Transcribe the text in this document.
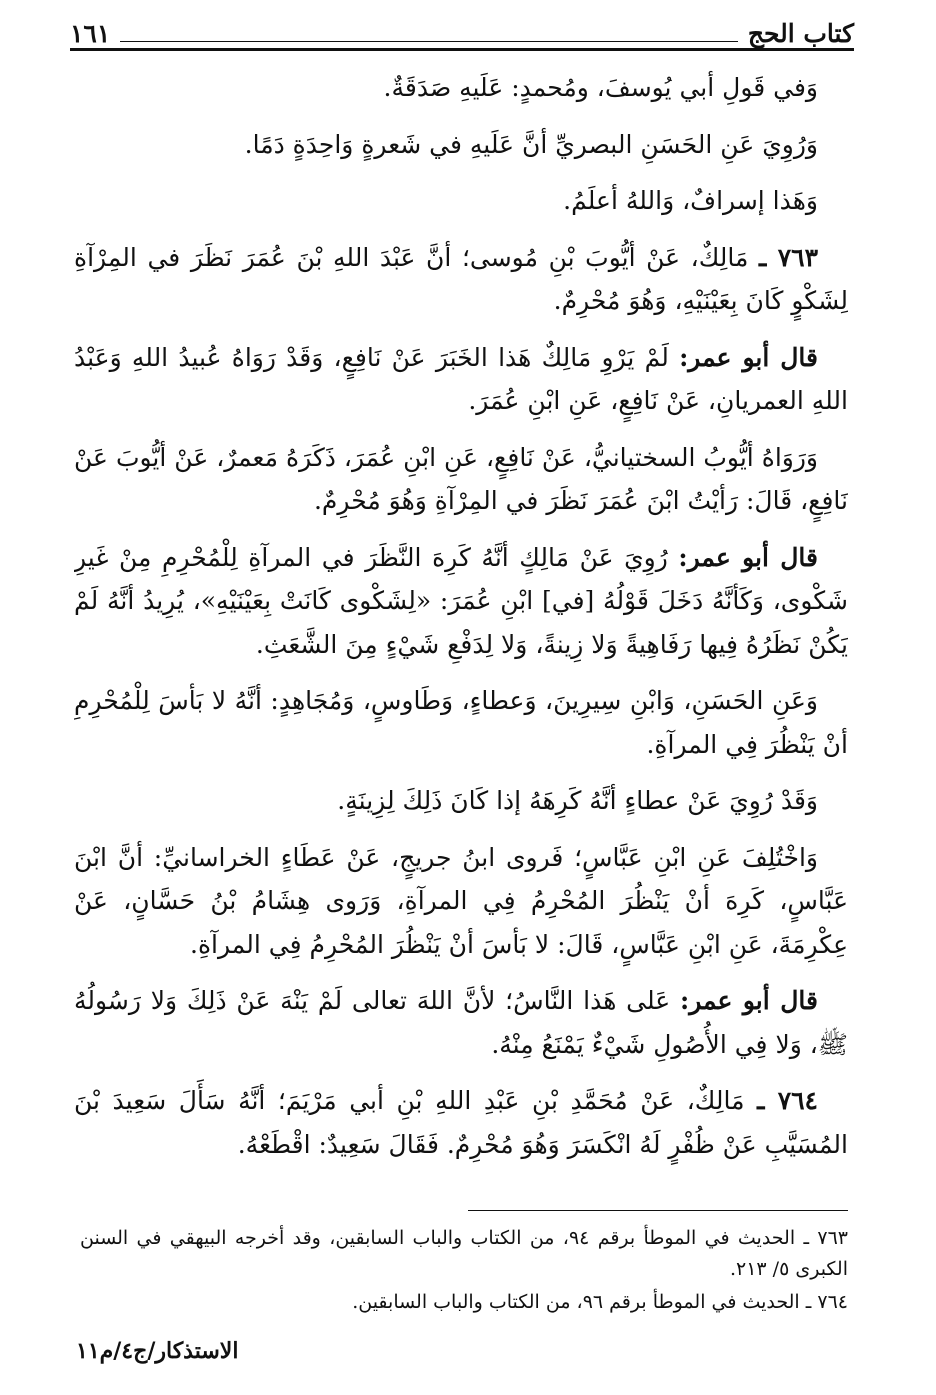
كتاب الحج
١٦١

وَفي قَولِ أبي يُوسفَ، ومُحمدٍ: عَلَيهِ صَدَقَةٌ.

وَرُوِيَ عَنِ الحَسَنِ البصريِّ أنَّ عَلَيهِ في شَعرةٍ وَاحِدَةٍ دَمًا.

وَهَذا إسرافٌ، وَاللهُ أعلَمُ.

٧٦٣ ـ مَالِكٌ، عَنْ أيُّوبَ بْنِ مُوسى؛ أنَّ عَبْدَ اللهِ بْنَ عُمَرَ نَظَرَ في المِرْآةِ لِشَكْوٍ كَانَ بِعَيْنَيْهِ، وَهُوَ مُحْرِمٌ.

قال أبو عمر: لَمْ يَرْوِ مَالِكٌ هَذا الخَبَرَ عَنْ نَافِعٍ، وَقَدْ رَوَاهُ عُبيدُ اللهِ وَعَبْدُ اللهِ العمريانِ، عَنْ نَافِعٍ، عَنِ ابْنِ عُمَرَ.

وَرَوَاهُ أيُّوبُ السختيانيُّ، عَنْ نَافِعٍ، عَنِ ابْنِ عُمَرَ، ذَكَرَهُ مَعمرٌ، عَنْ أيُّوبَ عَنْ نَافِعٍ، قَالَ: رَأيْتُ ابْنَ عُمَرَ نَظَرَ في المِرْآةِ وَهُوَ مُحْرِمٌ.

قال أبو عمر: رُوِيَ عَنْ مَالِكٍ أنَّهُ كَرِهَ النَّظَرَ في المرآةِ لِلْمُحْرِمِ مِنْ غَيرِ شَكْوى، وَكَأنَّهُ دَخَلَ قَوْلُهُ [في] ابْنِ عُمَرَ: «لِشَكْوى كَانَتْ بِعَيْنَيْهِ»، يُرِيدُ أنَّهُ لَمْ يَكُنْ نَظَرُهُ فِيها رَفَاهِيةً وَلا زِينةً، وَلا لِدَفْعِ شَيْءٍ مِنَ الشَّعَثِ.

وَعَنِ الحَسَنِ، وَابْنِ سِيرِينَ، وَعطاءٍ، وَطَاوسٍ، وَمُجَاهِدٍ: أنَّهُ لا بَأسَ لِلْمُحْرِمِ أنْ يَنْظُرَ فِي المرآةِ.

وَقَدْ رُوِيَ عَنْ عطاءٍ أنَّهُ كَرِهَهُ إذا كَانَ ذَلِكَ لِزِينَةٍ.

وَاخْتُلِفَ عَنِ ابْنِ عَبَّاسٍ؛ فَروى ابنُ جريجٍ، عَنْ عَطَاءٍ الخراسانيِّ: أنَّ ابْنَ عَبَّاسٍ، كَرِهَ أنْ يَنْظُرَ المُحْرِمُ فِي المرآةِ، وَرَوى هِشَامُ بْنُ حَسَّانٍ، عَنْ عِكْرِمَةَ، عَنِ ابْنِ عَبَّاسٍ، قَالَ: لا بَأسَ أنْ يَنْظُرَ المُحْرِمُ فِي المرآةِ.

قال أبو عمر: عَلى هَذا النَّاسُ؛ لأنَّ اللهَ تعالى لَمْ يَنْهَ عَنْ ذَلِكَ وَلا رَسُولُهُ ﷺ، وَلا فِي الأُصُولِ شَيْءٌ يَمْنَعُ مِنْهُ.

٧٦٤ ـ مَالِكٌ، عَنْ مُحَمَّدِ بْنِ عَبْدِ اللهِ بْنِ أبي مَرْيَمَ؛ أنَّهُ سَأَلَ سَعِيدَ بْنَ المُسَيَّبِ عَنْ ظُفْرٍ لَهُ انْكَسَرَ وَهُوَ مُحْرِمٌ. فَقَالَ سَعِيدٌ: اقْطَعْهُ.

٧٦٣ ـ الحديث في الموطأ برقم ٩٤، من الكتاب والباب السابقين، وقد أخرجه البيهقي في السنن الكبرى ٥/ ٢١٣.

٧٦٤ ـ الحديث في الموطأ برقم ٩٦، من الكتاب والباب السابقين.

الاستذكار/ج٤/م١١
